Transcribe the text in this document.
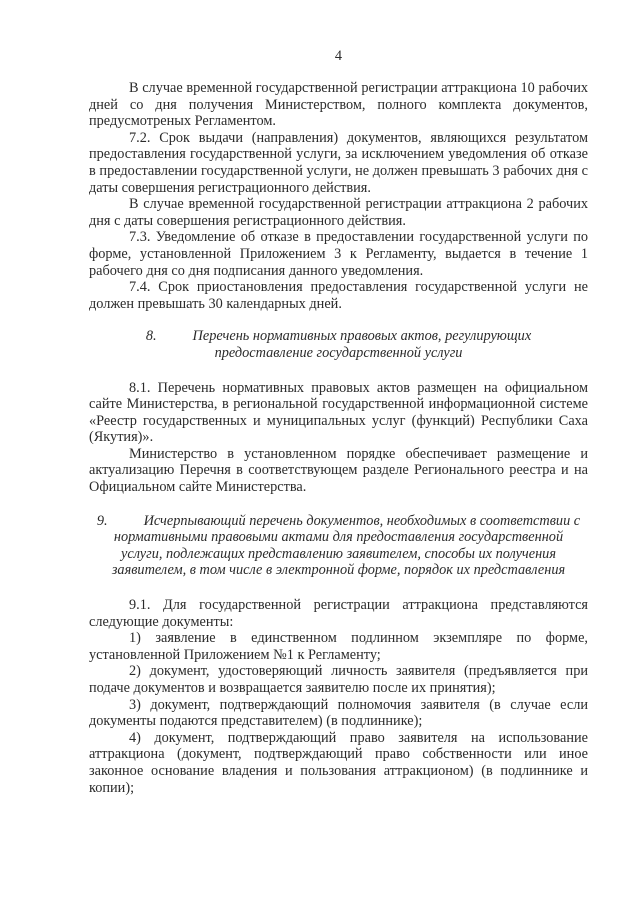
4

В случае временной государственной регистрации аттракциона 10 рабочих дней со дня получения Министерством, полного комплекта документов, предусмотреных Регламентом.

7.2. Срок выдачи (направления) документов, являющихся результатом предоставления государственной услуги, за исключением уведомления об отказе в предоставлении государственной услуги, не должен превышать 3 рабочих дня с даты совершения регистрационного действия.

В случае временной государственной регистрации аттракциона 2 рабочих дня с даты совершения регистрационного действия.

7.3. Уведомление об отказе в предоставлении государственной услуги по форме, установленной Приложением 3 к Регламенту, выдается в течение 1 рабочего дня со дня подписания данного уведомления.

7.4. Срок приостановления предоставления государственной услуги не должен превышать 30 календарных дней.

8.	Перечень нормативных правовых актов, регулирующих предоставление государственной услуги

8.1. Перечень нормативных правовых актов размещен на официальном сайте Министерства, в региональной государственной информационной системе «Реестр государственных и муниципальных услуг (функций) Республики Саха (Якутия)».

Министерство в установленном порядке обеспечивает размещение и актуализацию Перечня в соответствующем разделе Регионального реестра и на Официальном сайте Министерства.

9.	Исчерпывающий перечень документов, необходимых в соответствии с нормативными правовыми актами для предоставления государственной услуги, подлежащих представлению заявителем, способы их получения заявителем, в том числе в электронной форме, порядок их представления

9.1. Для государственной регистрации аттракциона представляются следующие документы:

1) заявление в единственном подлинном экземпляре по форме, установленной Приложением №1 к Регламенту;

2) документ, удостоверяющий личность заявителя (предъявляется при подаче документов и возвращается заявителю после их принятия);

3) документ, подтверждающий полномочия заявителя (в случае если документы подаются представителем) (в подлиннике);

4) документ, подтверждающий право заявителя на использование аттракциона (документ, подтверждающий право собственности или иное законное основание владения и пользования аттракционом) (в подлиннике и копии);
